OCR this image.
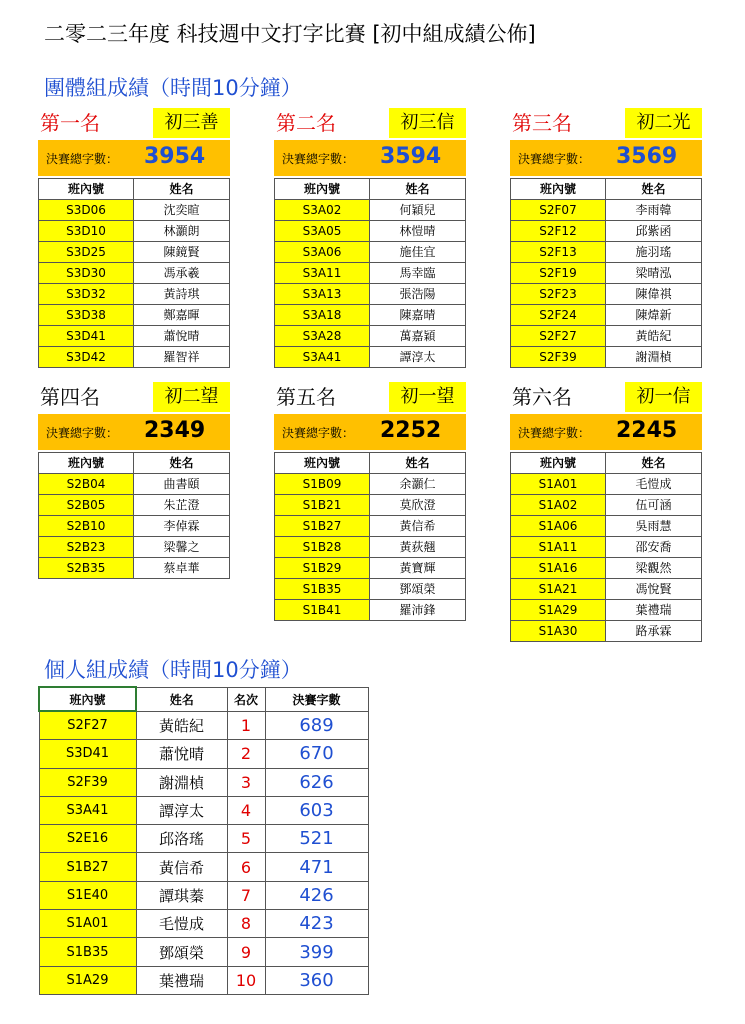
二零二三年度 科技週中文打字比賽 [初中組成績公佈]
團體組成績（時間10分鐘）
第一名	初三善
決賽總字數： 3954
班內號	姓名
S3D06	沈奕暄
S3D10	林灝朗
S3D25	陳鏡賢
S3D30	馮承羲
S3D32	黃詩琪
S3D38	鄭嘉暉
S3D41	蕭悅晴
S3D42	羅智祥
第二名	初三信
決賽總字數： 3594
班內號	姓名
S3A02	何穎兒
S3A05	林愷晴
S3A06	施佳宜
S3A11	馬幸臨
S3A13	張浩陽
S3A18	陳嘉晴
S3A28	萬嘉穎
S3A41	譚淳太
第三名	初二光
決賽總字數： 3569
班內號	姓名
S2F07	李雨韓
S2F12	邱紫函
S2F13	施羽瑤
S2F19	梁晴泓
S2F23	陳偉祺
S2F24	陳煒新
S2F27	黃皓紀
S2F39	謝淵楨
第四名	初二望
決賽總字數： 2349
班內號	姓名
S2B04	曲書頤
S2B05	朱芷澄
S2B10	李倬霖
S2B23	梁馨之
S2B35	蔡卓華
第五名	初一望
決賽總字數： 2252
班內號	姓名
S1B09	余灝仁
S1B21	莫欣澄
S1B27	黃信希
S1B28	黃荻翹
S1B29	黃寶輝
S1B35	鄧頌榮
S1B41	羅沛鋒
第六名	初一信
決賽總字數： 2245
班內號	姓名
S1A01	毛愷成
S1A02	伍可涵
S1A06	吳雨慧
S1A11	邵安喬
S1A16	梁觀然
S1A21	馮悅賢
S1A29	葉禮瑞
S1A30	路承霖
個人組成績（時間10分鐘）
班內號	姓名	名次	決賽字數
S2F27	黃皓紀	1	689
S3D41	蕭悅晴	2	670
S2F39	謝淵楨	3	626
S3A41	譚淳太	4	603
S2E16	邱洛瑤	5	521
S1B27	黃信希	6	471
S1E40	譚琪蓁	7	426
S1A01	毛愷成	8	423
S1B35	鄧頌榮	9	399
S1A29	葉禮瑞	10	360
